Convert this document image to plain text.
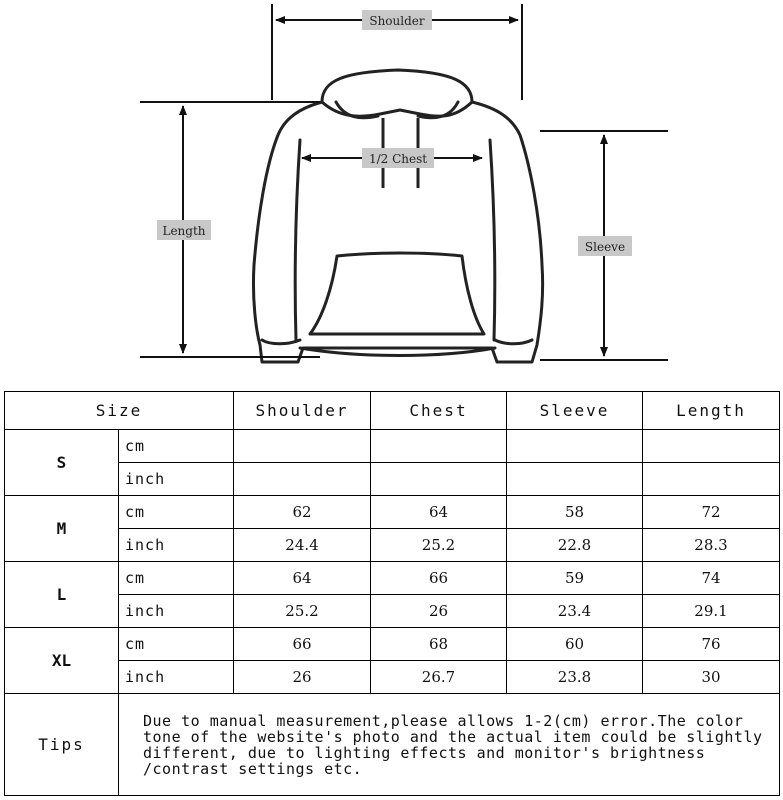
Shoulder
1/2 Chest
Length
Sleeve
Size		Shoulder	Chest	Sleeve	Length
S	cm				
	inch				
M	cm	62	64	58	72
	inch	24.4	25.2	22.8	28.3
L	cm	64	66	59	74
	inch	25.2	26	23.4	29.1
XL	cm	66	68	60	76
	inch	26	26.7	23.8	30
Tips	Due to manual measurement,please allows 1-2(cm) error.The color tone of the website's photo and the actual item could be slightly different, due to lighting effects and monitor's brightness /contrast settings etc.				
